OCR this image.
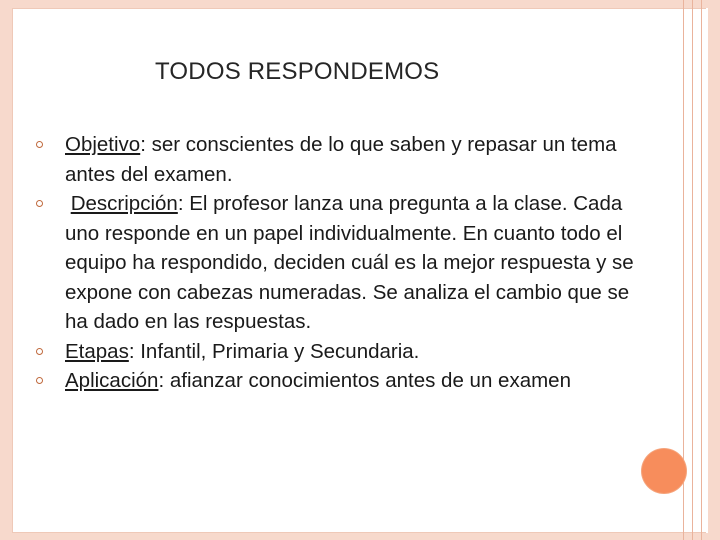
TODOS RESPONDEMOS
Objetivo: ser conscientes de lo que saben y repasar un tema antes del examen.
Descripción: El profesor lanza una pregunta a la clase. Cada uno responde en un papel individualmente. En cuanto todo el equipo ha respondido, deciden cuál es la mejor respuesta y se expone con cabezas numeradas. Se analiza el cambio que se ha dado en las respuestas.
Etapas: Infantil, Primaria y Secundaria.
Aplicación: afianzar conocimientos antes de un examen
